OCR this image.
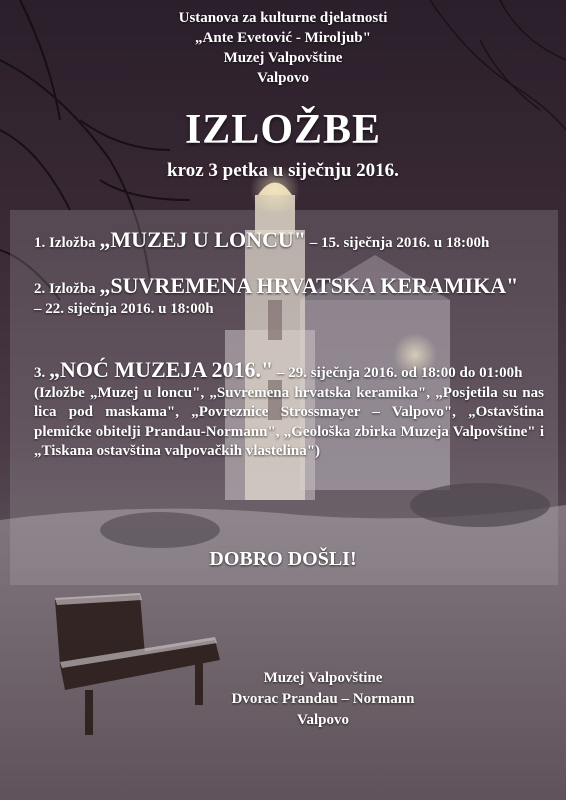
Ustanova za kulturne djelatnosti
„Ante Evetović - Miroljub"
Muzej Valpovštine
Valpovo
IZLOŽBE
kroz 3 petka u siječnju 2016.
1. Izložba „MUZEJ U LONCU" – 15. siječnja 2016. u 18:00h
2. Izložba „SUVREMENA HRVATSKA KERAMIKA"
– 22. siječnja 2016. u 18:00h
3. „NOĆ MUZEJA 2016." – 29. siječnja 2016. od 18:00 do 01:00h
(Izložbe „Muzej u loncu", „Suvremena hrvatska keramika", „Posjetila su nas lica pod maskama", „Povreznice Strossmayer – Valpovo", „Ostavština plemićke obitelji Prandau-Normann", „Geološka zbirka Muzeja Valpovštine" i „Tiskana ostavština valpovačkih vlastelina")
DOBRO DOŠLI!
Muzej Valpovštine
Dvorac Prandau – Normann
Valpovo
